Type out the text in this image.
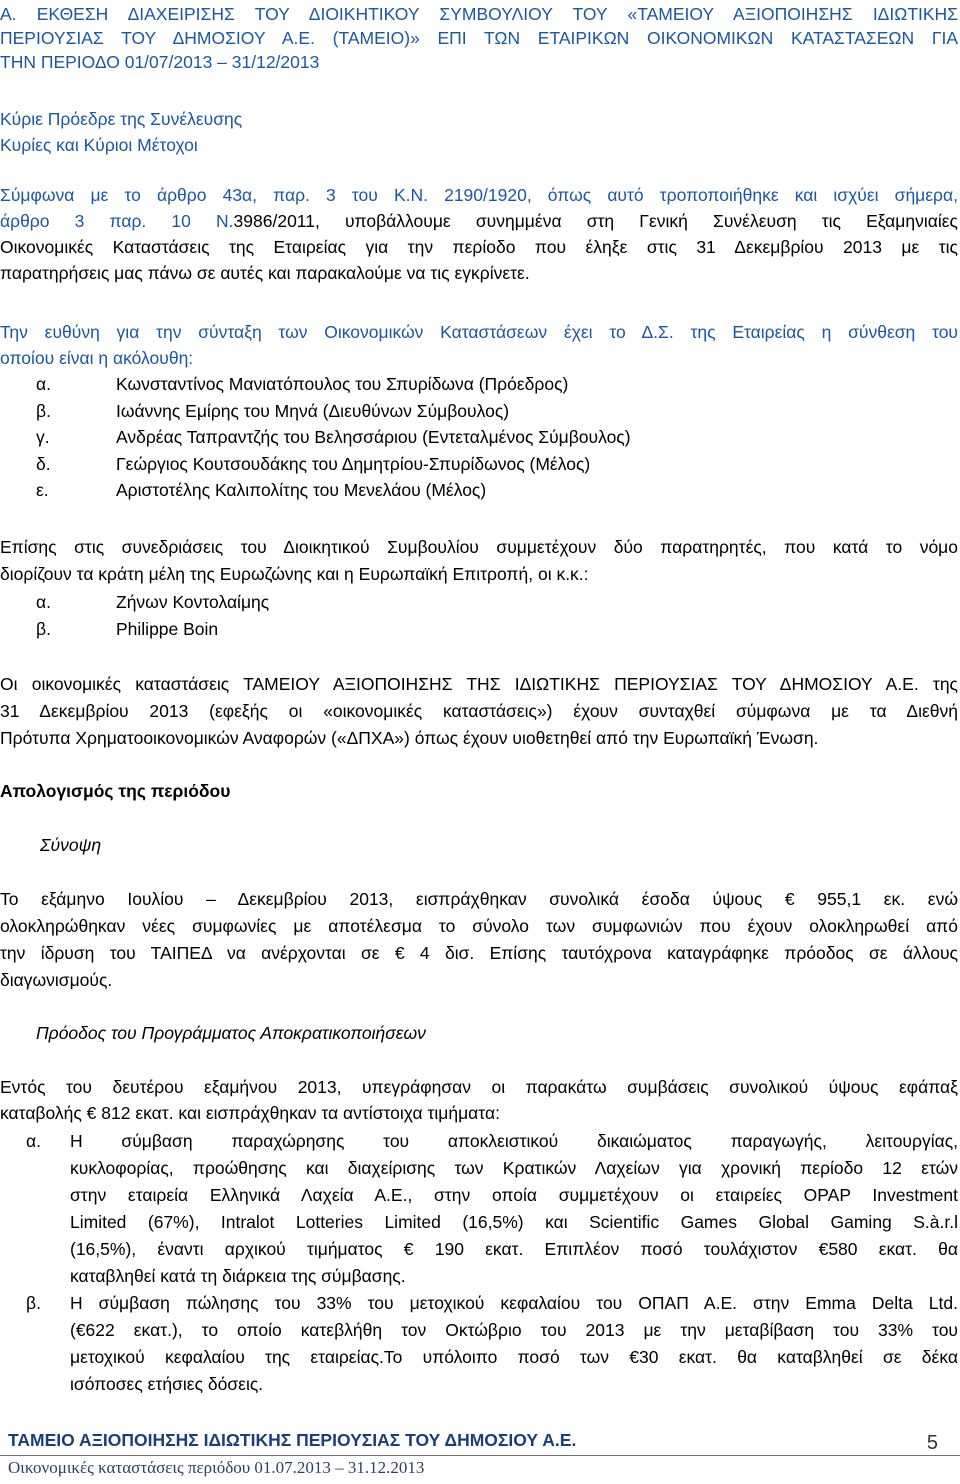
Α. ΕΚΘΕΣΗ ΔΙΑΧΕΙΡΙΣΗΣ ΤΟΥ ΔΙΟΙΚΗΤΙΚΟΥ ΣΥΜΒΟΥΛΙΟΥ ΤΟΥ «ΤΑΜΕΙΟΥ ΑΞΙΟΠΟΙΗΣΗΣ ΙΔΙΩΤΙΚΗΣ
ΠΕΡΙΟΥΣΙΑΣ ΤΟΥ ΔΗΜΟΣΙΟΥ Α.Ε. (ΤΑΜΕΙΟ)» ΕΠΙ ΤΩΝ ΕΤΑΙΡΙΚΩΝ ΟΙΚΟΝΟΜΙΚΩΝ ΚΑΤΑΣΤΑΣΕΩΝ ΓΙΑ
ΤΗΝ ΠΕΡΙΟΔΟ 01/07/2013 – 31/12/2013
Κύριε Πρόεδρε της Συνέλευσης
Κυρίες και Κύριοι Μέτοχοι
Σύμφωνα με το άρθρο 43α, παρ. 3 του Κ.Ν. 2190/1920, όπως αυτό τροποποιήθηκε και ισχύει σήμερα,
άρθρο 3 παρ. 10 Ν.3986/2011, υποβάλλουμε συνημμένα στη Γενική Συνέλευση τις Εξαμηνιαίες
Οικονομικές Καταστάσεις της Εταιρείας για την περίοδο που έληξε στις 31 Δεκεμβρίου 2013 με τις
παρατηρήσεις μας πάνω σε αυτές και παρακαλούμε να τις εγκρίνετε.
Την ευθύνη για την σύνταξη των Οικονομικών Καταστάσεων έχει το Δ.Σ. της Εταιρείας η σύνθεση του
οποίου είναι η ακόλουθη:
α.	Κωνσταντίνος Μανιατόπουλος του Σπυρίδωνα (Πρόεδρος)
β.	Ιωάννης Εμίρης του Μηνά (Διευθύνων Σύμβουλος)
γ.	Ανδρέας Ταπραντζής του Βελησσάριου (Εντεταλμένος Σύμβουλος)
δ.	Γεώργιος Κουτσουδάκης του Δημητρίου-Σπυρίδωνος (Μέλος)
ε.	Αριστοτέλης Καλιπολίτης του Μενελάου (Μέλος)
Επίσης στις συνεδριάσεις του Διοικητικού Συμβουλίου συμμετέχουν δύο παρατηρητές, που κατά το νόμο
διορίζουν τα κράτη μέλη της Ευρωζώνης και η Ευρωπαϊκή Επιτροπή, οι κ.κ.:
α.	Ζήνων Κοντολαίμης
β.	Philippe Boin
Οι οικονομικές καταστάσεις ΤΑΜΕΙΟΥ ΑΞΙΟΠΟΙΗΣΗΣ ΤΗΣ ΙΔΙΩΤΙΚΗΣ ΠΕΡΙΟΥΣΙΑΣ ΤΟΥ ΔΗΜΟΣΙΟΥ Α.Ε. της
31 Δεκεμβρίου 2013 (εφεξής οι «οικονομικές καταστάσεις») έχουν συνταχθεί σύμφωνα με τα Διεθνή
Πρότυπα Χρηματοοικονομικών Αναφορών («ΔΠΧΑ») όπως έχουν υιοθετηθεί από την Ευρωπαϊκή Ένωση.
Απολογισμός της περιόδου
Σύνοψη
Το εξάμηνο Ιουλίου – Δεκεμβρίου 2013, εισπράχθηκαν συνολικά έσοδα ύψους € 955,1 εκ. ενώ
ολοκληρώθηκαν νέες συμφωνίες με αποτέλεσμα το σύνολο των συμφωνιών που έχουν ολοκληρωθεί από
την ίδρυση του ΤΑΙΠΕΔ να ανέρχονται σε € 4 δισ. Επίσης ταυτόχρονα καταγράφηκε πρόοδος σε άλλους
διαγωνισμούς.
Πρόοδος του Προγράμματος Αποκρατικοποιήσεων
Εντός του δευτέρου εξαμήνου 2013, υπεγράφησαν οι παρακάτω συμβάσεις συνολικού ύψους εφάπαξ
καταβολής € 812 εκατ. και εισπράχθηκαν τα αντίστοιχα τιμήματα:
α. Η σύμβαση παραχώρησης του αποκλειστικού δικαιώματος παραγωγής, λειτουργίας,
κυκλοφορίας, προώθησης και διαχείρισης των Κρατικών Λαχείων για χρονική περίοδο 12 ετών
στην εταιρεία Ελληνικά Λαχεία Α.Ε., στην οποία συμμετέχουν οι εταιρείες OPAP Investment
Limited (67%), Intralot Lotteries Limited (16,5%) και Scientific Games Global Gaming S.à.r.l
(16,5%), έναντι αρχικού τιμήματος € 190 εκατ. Επιπλέον ποσό τουλάχιστον €580 εκατ. θα
καταβληθεί κατά τη διάρκεια της σύμβασης.
β. Η σύμβαση πώλησης του 33% του μετοχικού κεφαλαίου του ΟΠΑΠ Α.Ε. στην Emma Delta Ltd.
(€622 εκατ.), το οποίο κατεβλήθη τον Οκτώβριο του 2013 με την μεταβίβαση του 33% του
μετοχικού κεφαλαίου της εταιρείας.Το υπόλοιπο ποσό των €30 εκατ. θα καταβληθεί σε δέκα
ισόποσες ετήσιες δόσεις.
ΤΑΜΕΙΟ ΑΞΙΟΠΟΙΗΣΗΣ ΙΔΙΩΤΙΚΗΣ ΠΕΡΙΟΥΣΙΑΣ ΤΟΥ ΔΗΜΟΣΙΟΥ Α.Ε.
Οικονομικές καταστάσεις περιόδου 01.07.2013 – 31.12.2013
5
